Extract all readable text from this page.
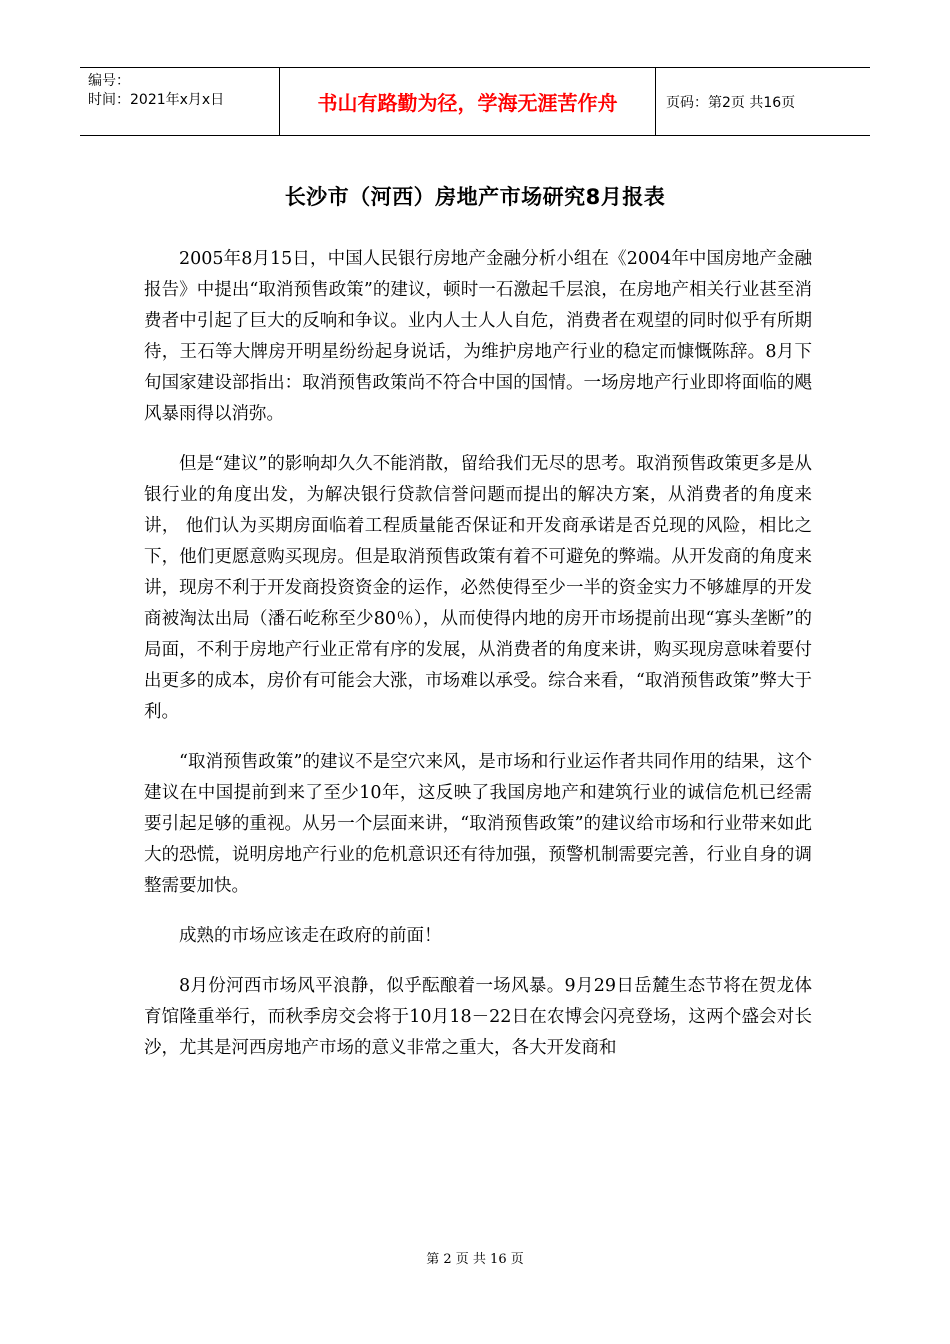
编号：
时间：2021年x月x日	书山有路勤为径，学海无涯苦作舟	页码：第2页 共16页
长沙市（河西）房地产市场研究8月报表

2005年8月15日，中国人民银行房地产金融分析小组在《2004年中国房地产金融报告》中提出“取消预售政策”的建议，顿时一石激起千层浪，在房地产相关行业甚至消费者中引起了巨大的反响和争议。业内人士人人自危，消费者在观望的同时似乎有所期待，王石等大牌房开明星纷纷起身说话，为维护房地产行业的稳定而慷慨陈辞。8月下旬国家建设部指出：取消预售政策尚不符合中国的国情。一场房地产行业即将面临的飓风暴雨得以消弥。

但是“建议”的影响却久久不能消散，留给我们无尽的思考。取消预售政策更多是从银行业的角度出发，为解决银行贷款信誉问题而提出的解决方案，从消费者的角度来讲， 他们认为买期房面临着工程质量能否保证和开发商承诺是否兑现的风险，相比之下，他们更愿意购买现房。但是取消预售政策有着不可避免的弊端。从开发商的角度来讲，现房不利于开发商投资资金的运作，必然使得至少一半的资金实力不够雄厚的开发商被淘汰出局（潘石屹称至少80％），从而使得内地的房开市场提前出现“寡头垄断”的局面，不利于房地产行业正常有序的发展，从消费者的角度来讲，购买现房意味着要付出更多的成本，房价有可能会大涨，市场难以承受。综合来看，“取消预售政策”弊大于利。

“取消预售政策”的建议不是空穴来风，是市场和行业运作者共同作用的结果，这个建议在中国提前到来了至少10年，这反映了我国房地产和建筑行业的诚信危机已经需要引起足够的重视。从另一个层面来讲，“取消预售政策”的建议给市场和行业带来如此大的恐慌，说明房地产行业的危机意识还有待加强，预警机制需要完善，行业自身的调整需要加快。

成熟的市场应该走在政府的前面！

8月份河西市场风平浪静，似乎酝酿着一场风暴。9月29日岳麓生态节将在贺龙体育馆隆重举行，而秋季房交会将于10月18－22日在农博会闪亮登场，这两个盛会对长沙，尤其是河西房地产市场的意义非常之重大，各大开发商和

第 2 页 共 16 页
